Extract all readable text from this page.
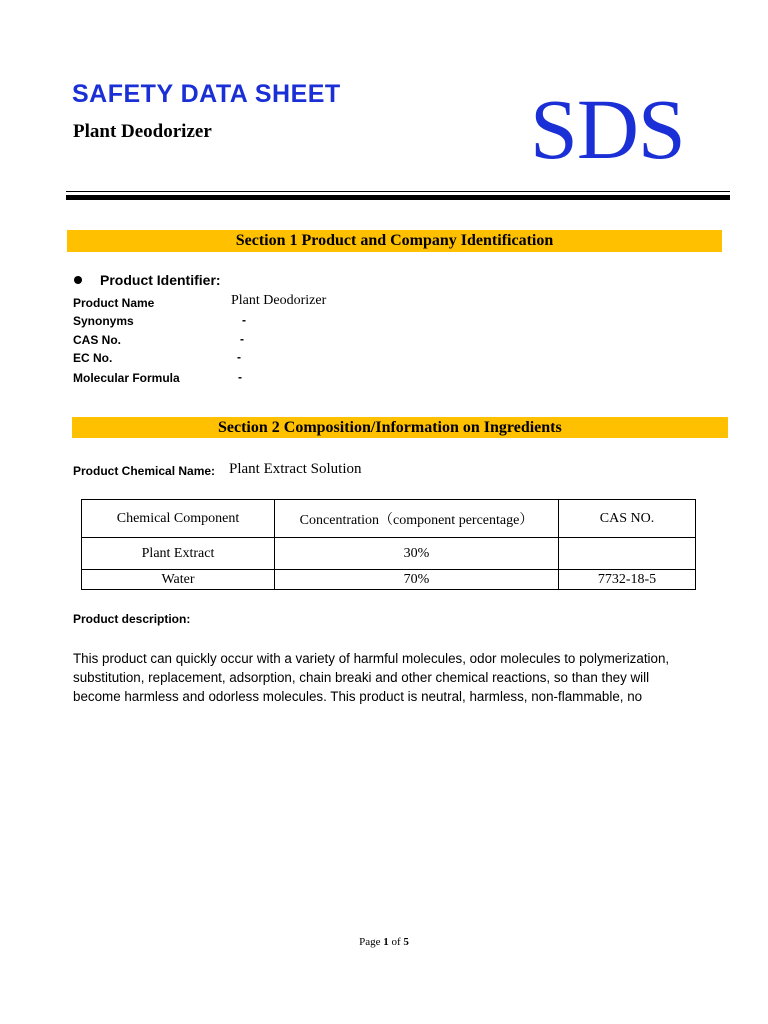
SAFETY DATA SHEET
Plant Deodorizer	SDS
Section 1 Product and Company Identification
Product Identifier:
Product Name	Plant Deodorizer
Synonyms	-
CAS No.	-
EC No.	-
Molecular Formula	-
Section 2 Composition/Information on Ingredients
Product Chemical Name: Plant Extract Solution
Chemical Component	Concentration（component percentage）	CAS NO.
Plant Extract	30%	
Water	70%	7732-18-5
Product description:

This product can quickly occur with a variety of harmful molecules, odor molecules to polymerization,

substitution, replacement, adsorption, chain breaki and other chemical reactions, so than they will

become harmless and odorless molecules. This product is neutral, harmless, non-flammable, no

Page 1 of 5
